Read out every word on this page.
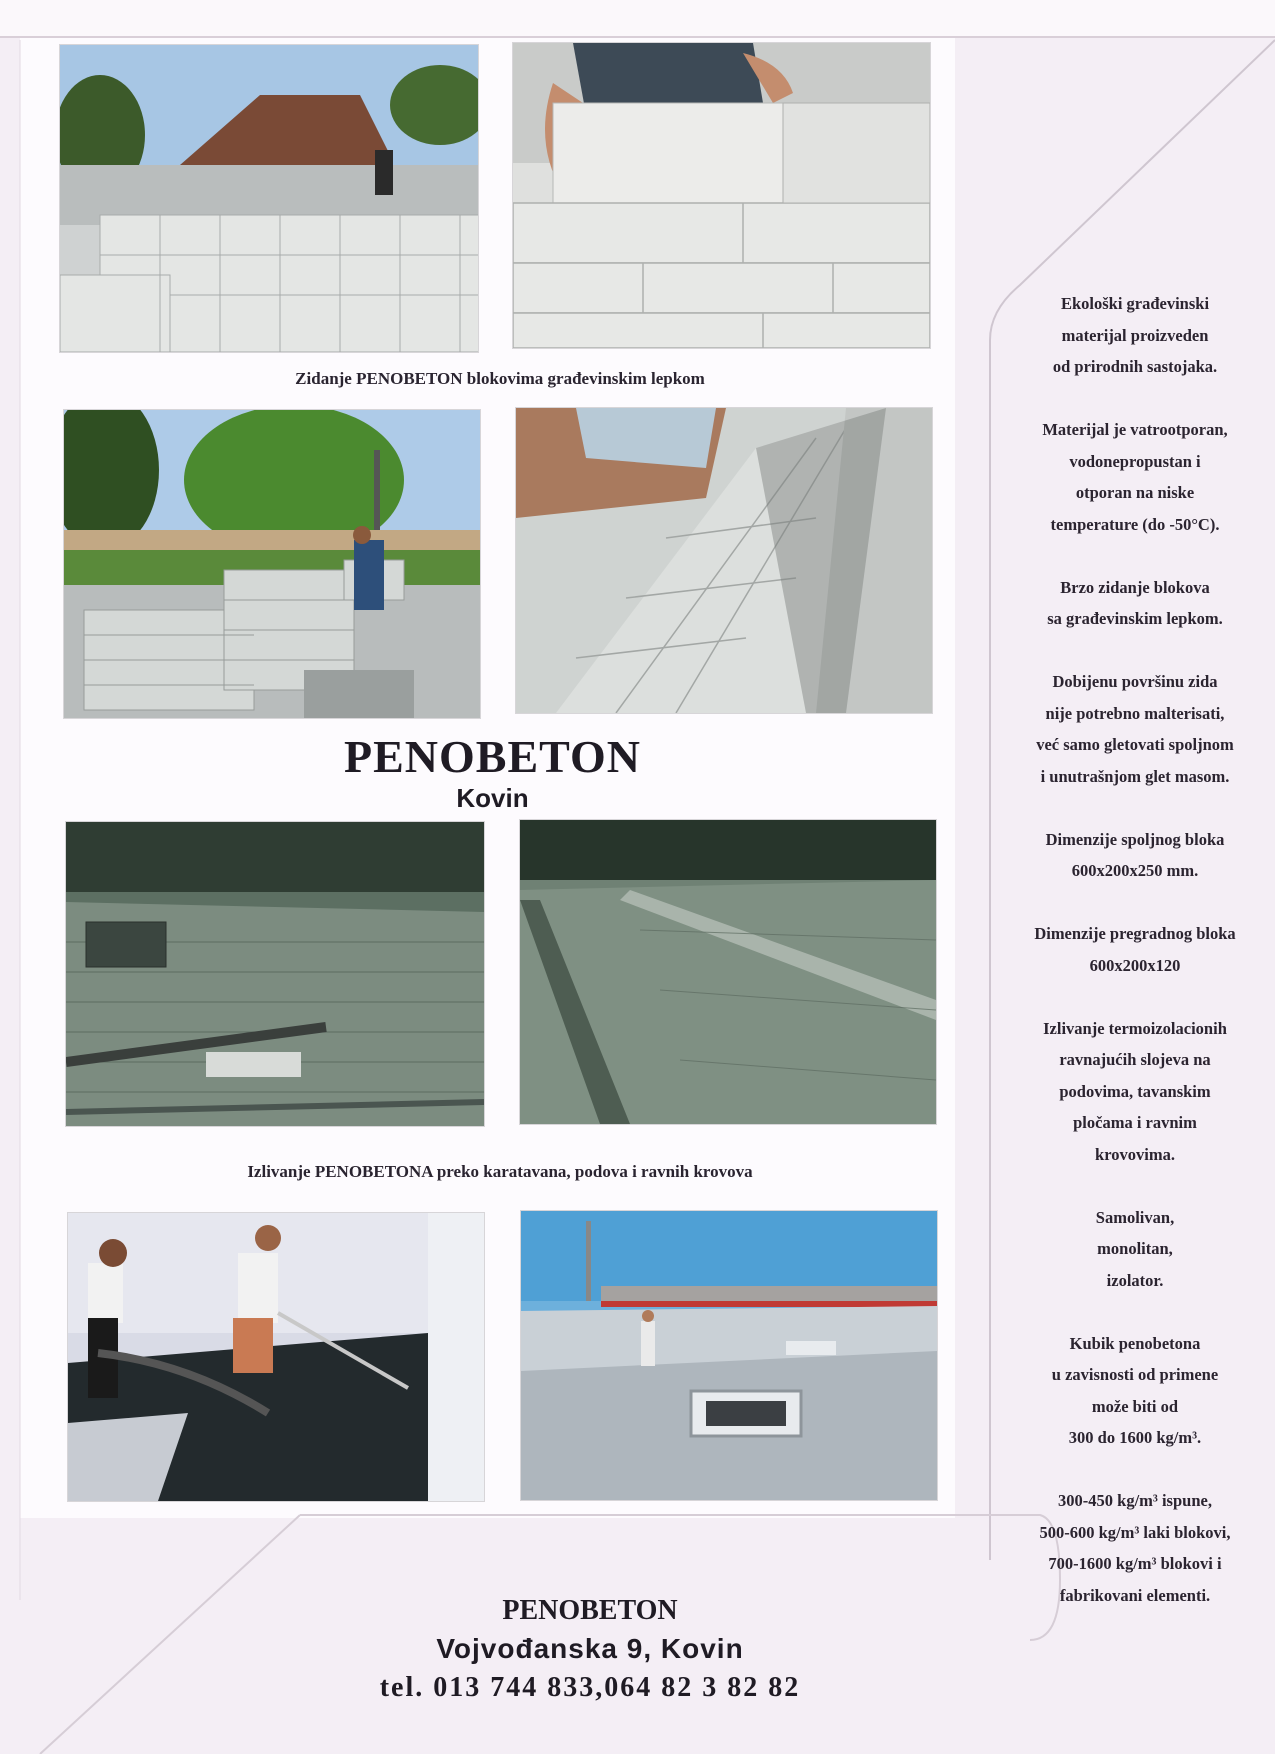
Zidanje PENOBETON blokovima građevinskim lepkom
PENOBETON
Kovin
Izlivanje PENOBETONA preko karatavana, podova i ravnih krovova

Ekološki građevinski
materijal proizveden
od prirodnih sastojaka.

Materijal je vatrootporan,
vodonepropustan i
otporan na niske
temperature (do -50°C).

Brzo zidanje blokova
sa građevinskim lepkom.

Dobijenu površinu zida
nije potrebno malterisati,
već samo gletovati spoljnom
i unutrašnjom glet masom.

Dimenzije spoljnog bloka
600x200x250 mm.

Dimenzije pregradnog bloka
600x200x120

Izlivanje termoizolacionih
ravnajućih slojeva na
podovima, tavanskim
pločama i ravnim
krovovima.

Samolivan,
monolitan,
izolator.

Kubik penobetona
u zavisnosti od primene
može biti od
300 do 1600 kg/m³.

300-450 kg/m³ ispune,
500-600 kg/m³ laki blokovi,
700-1600 kg/m³ blokovi i
fabrikovani elementi.

PENOBETON
Vojvođanska 9, Kovin
tel. 013 744 833,064 82 3 82 82
